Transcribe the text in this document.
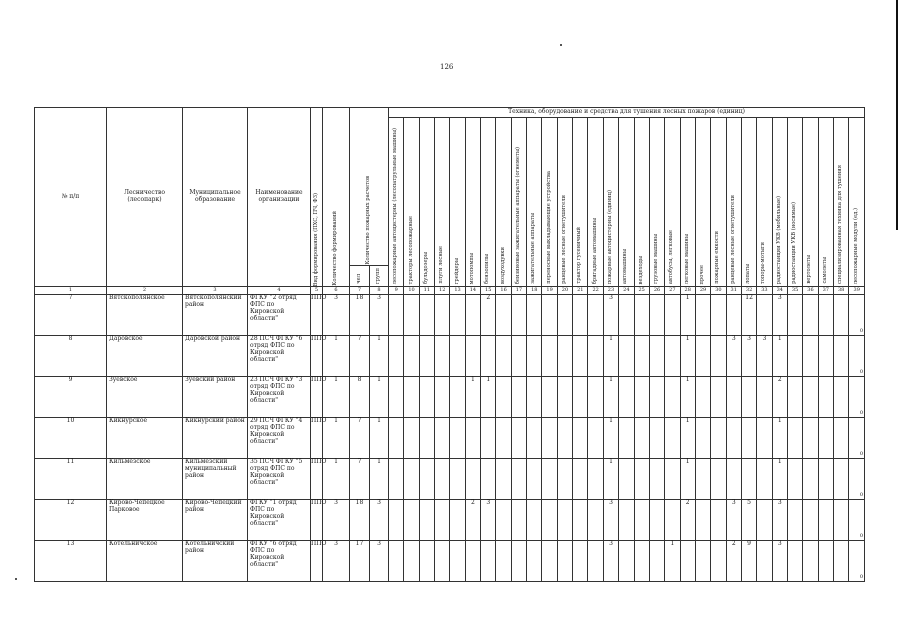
126
№ п/п	Лесничество (лесопарк)	Муниципальное образование	Наименование организации	Вид формирования (ПХС, ПЧ, ФЗ)	Количество формирований	Количество пожарных расчетов		Техника, оборудование и средства для тушения лесных пожаров (единиц)																														

								лесопожарные автоцистерны (лесопатрульные машины)	тракторы лесопожарные	бульдозеры	плуги лесные	грейдеры	мотопомпы	бензопилы	воздуходувки	бензиновые зажигательные аппараты (огнеметы)	зажигательные аппараты	переносные выкладывающие устройства	ранцевые лесные огнетушители	трактор гусеничный	бригадные автомашины	пожарные автоцистерны (единиц)	автомашины	вездеходы	грузовые машины	автобусы, легковые	легковые машины	прочее	пожарные емкости	ранцевые лесные огнетушители	лопаты	топоры-мотыги	радиостанции УКВ (мобильные)	радиостанции УКВ (носимые)	вертолеты	самолеты	специализированная техника для тушения	лесопожарные модули (ед.)

						чел	групп																															

1	2	3	4	5	6	7	8	9	10	11	12	13	14	15	16	17	18	19	20	21	22	23	24	25	26	27	28	29	30	31	32	33	34	35	36	37	38	39
7	Вятскополянское	Вятскополянский район	ФГКУ "2 отряд ФПС по Кировской области"	ППО	3	18	3							2								3					1				12		3					0

8	Даровское	Даровской район	28 ПСЧ ФГКУ "6 отряд ФПС по Кировской области"	ППО	1	7	1															1					1			3	3	3	1					0

9	Зуевское	Зуевский район	23 ПСЧ ФГКУ "3 отряд ФПС по Кировской области"	ППО	1	8	1						1	1								1					1						2					0

10	Кикнурское	Кикнурский район	29 ПСЧ ФГКУ "4 отряд ФПС по Кировской области"	ППО	1	7	1															1					1						1					0

11	Кильмезское	Кильмезский муниципальный район	35 ПСЧ ФГКУ "5 отряд ФПС по Кировской области"	ППО	1	7	1															1					1						1					0

12	Кирово-Чепецкое Парковое	Кирово-Чепецкий район	ФГКУ "1 отряд ФПС по Кировской области"	ППО	3	18	3						2	3								3					2			3	5		3					0

13	Котельничское	Котельничский район	ФГКУ "6 отряд ФПС по Кировской области"	ППО	3	17	3															3				1				2	9		3					0
